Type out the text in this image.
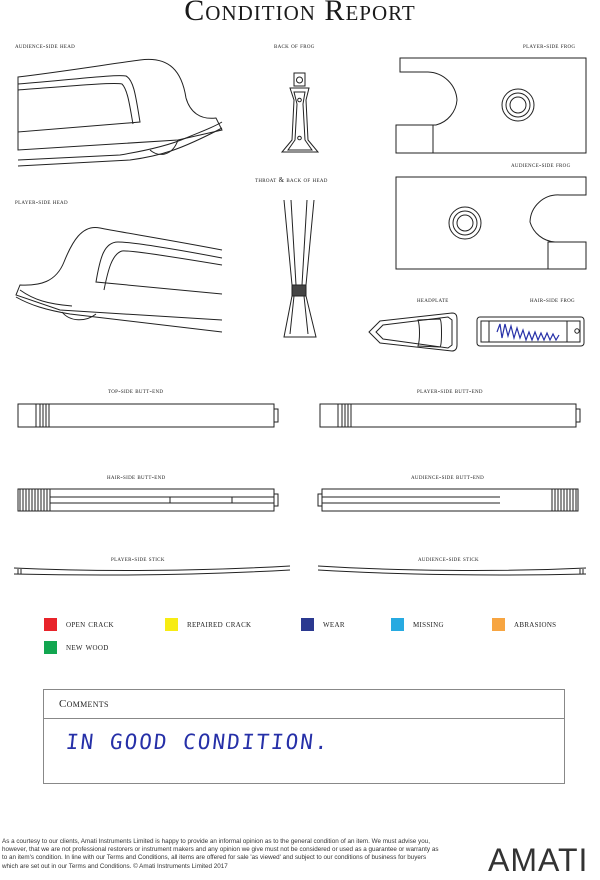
Condition Report
audience-side head	back of frog	player-side frog
audience-side frog
throat & back of head
player-side head
headplate	hair-side frog
top-side butt-end	player-side butt-end
hair-side butt-end	audience-side butt-end
player-side stick	audience-side stick
open crack	repaired crack	wear	missing	abrasions
new wood
Comments
IN GOOD CONDITION.
As a courtesy to our clients, Amati Instruments Limited is happy to provide an informal opinion as to the general condition of an item. We must advise you, however, that we are not professional restorers or instrument makers and any opinion we give must not be considered or used as a guarantee or warranty as to an item's condition. In line with our Terms and Conditions, all items are offered for sale 'as viewed' and subject to our conditions of business for buyers which are set out in our Terms and Conditions. © Amati Instruments Limited 2017	AMATI
